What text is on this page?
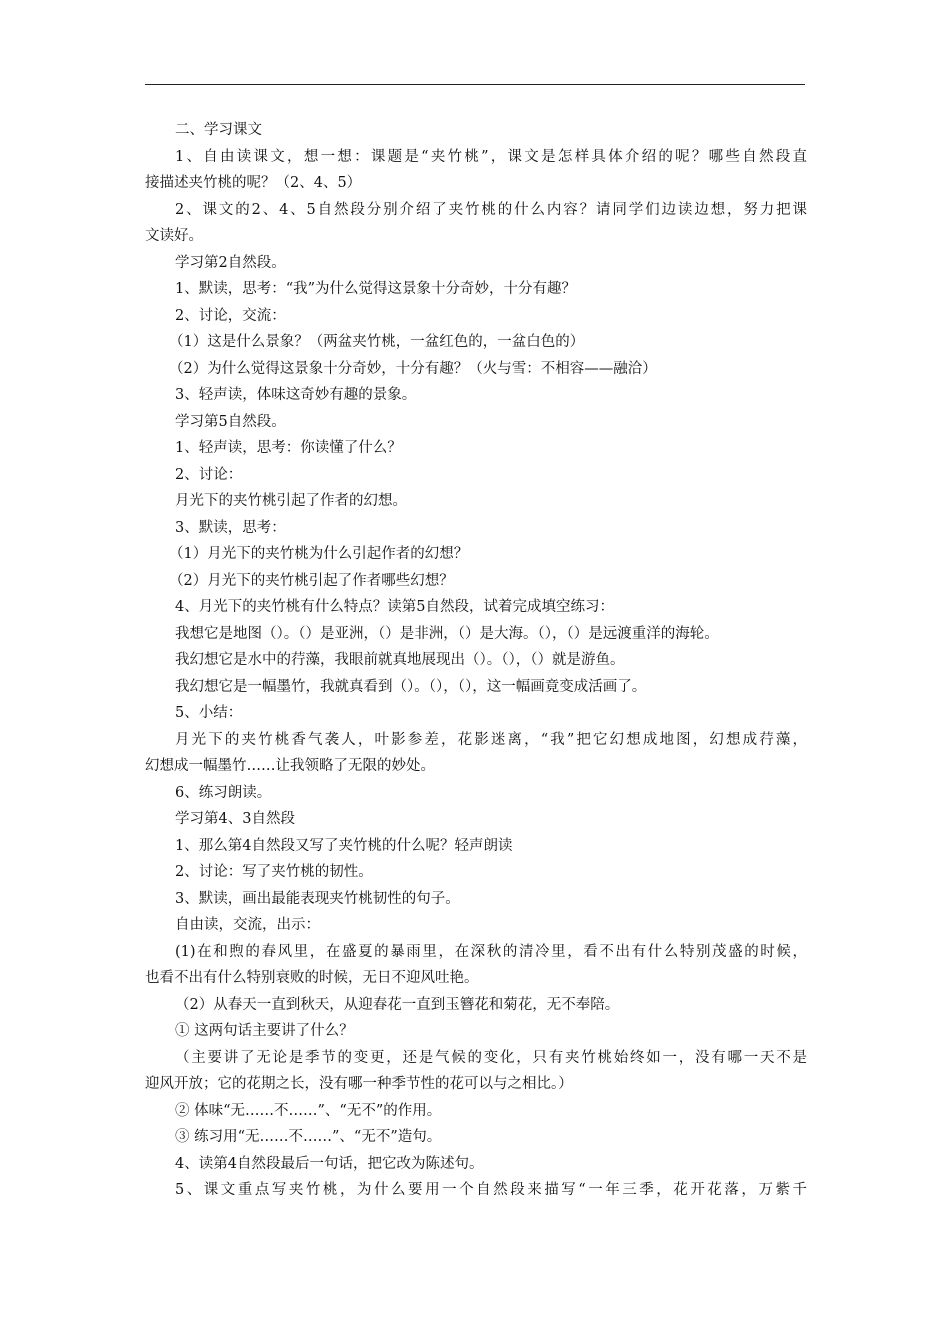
二、学习课文
1、自由读课文，想一想：课题是“夹竹桃”，课文是怎样具体介绍的呢？哪些自然段直
接描述夹竹桃的呢？（2、4、5）
2、课文的2、4、5自然段分别介绍了夹竹桃的什么内容？请同学们边读边想，努力把课
文读好。
学习第2自然段。
1、默读，思考：“我”为什么觉得这景象十分奇妙，十分有趣？
2、讨论，交流：
（1）这是什么景象？（两盆夹竹桃，一盆红色的，一盆白色的）
（2）为什么觉得这景象十分奇妙，十分有趣？（火与雪：不相容——融洽）
3、轻声读，体味这奇妙有趣的景象。
学习第5自然段。
1、轻声读，思考：你读懂了什么？
2、讨论：
月光下的夹竹桃引起了作者的幻想。
3、默读，思考：
（1）月光下的夹竹桃为什么引起作者的幻想？
（2）月光下的夹竹桃引起了作者哪些幻想？
4、月光下的夹竹桃有什么特点？读第5自然段，试着完成填空练习：
我想它是地图（）。（）是亚洲，（）是非洲，（）是大海。（），（）是远渡重洋的海轮。
我幻想它是水中的荇藻，我眼前就真地展现出（）。（），（）就是游鱼。
我幻想它是一幅墨竹，我就真看到（）。（），（），这一幅画竟变成活画了。
5、小结：
月光下的夹竹桃香气袭人，叶影参差，花影迷离，“我”把它幻想成地图，幻想成荇藻，
幻想成一幅墨竹……让我领略了无限的妙处。
6、练习朗读。
学习第4、3自然段
1、那么第4自然段又写了夹竹桃的什么呢？轻声朗读
2、讨论：写了夹竹桃的韧性。
3、默读，画出最能表现夹竹桃韧性的句子。
自由读，交流，出示：
(1)在和煦的春风里，在盛夏的暴雨里，在深秋的清冷里，看不出有什么特别茂盛的时候，
也看不出有什么特别衰败的时候，无日不迎风吐艳。
（2）从春天一直到秋天，从迎春花一直到玉簪花和菊花，无不奉陪。
① 这两句话主要讲了什么？
（主要讲了无论是季节的变更，还是气候的变化，只有夹竹桃始终如一，没有哪一天不是
迎风开放；它的花期之长，没有哪一种季节性的花可以与之相比。）
② 体味“无……不……”、“无不”的作用。
③ 练习用“无……不……”、“无不”造句。
4、读第4自然段最后一句话，把它改为陈述句。
5、课文重点写夹竹桃，为什么要用一个自然段来描写“一年三季，花开花落，万紫千
